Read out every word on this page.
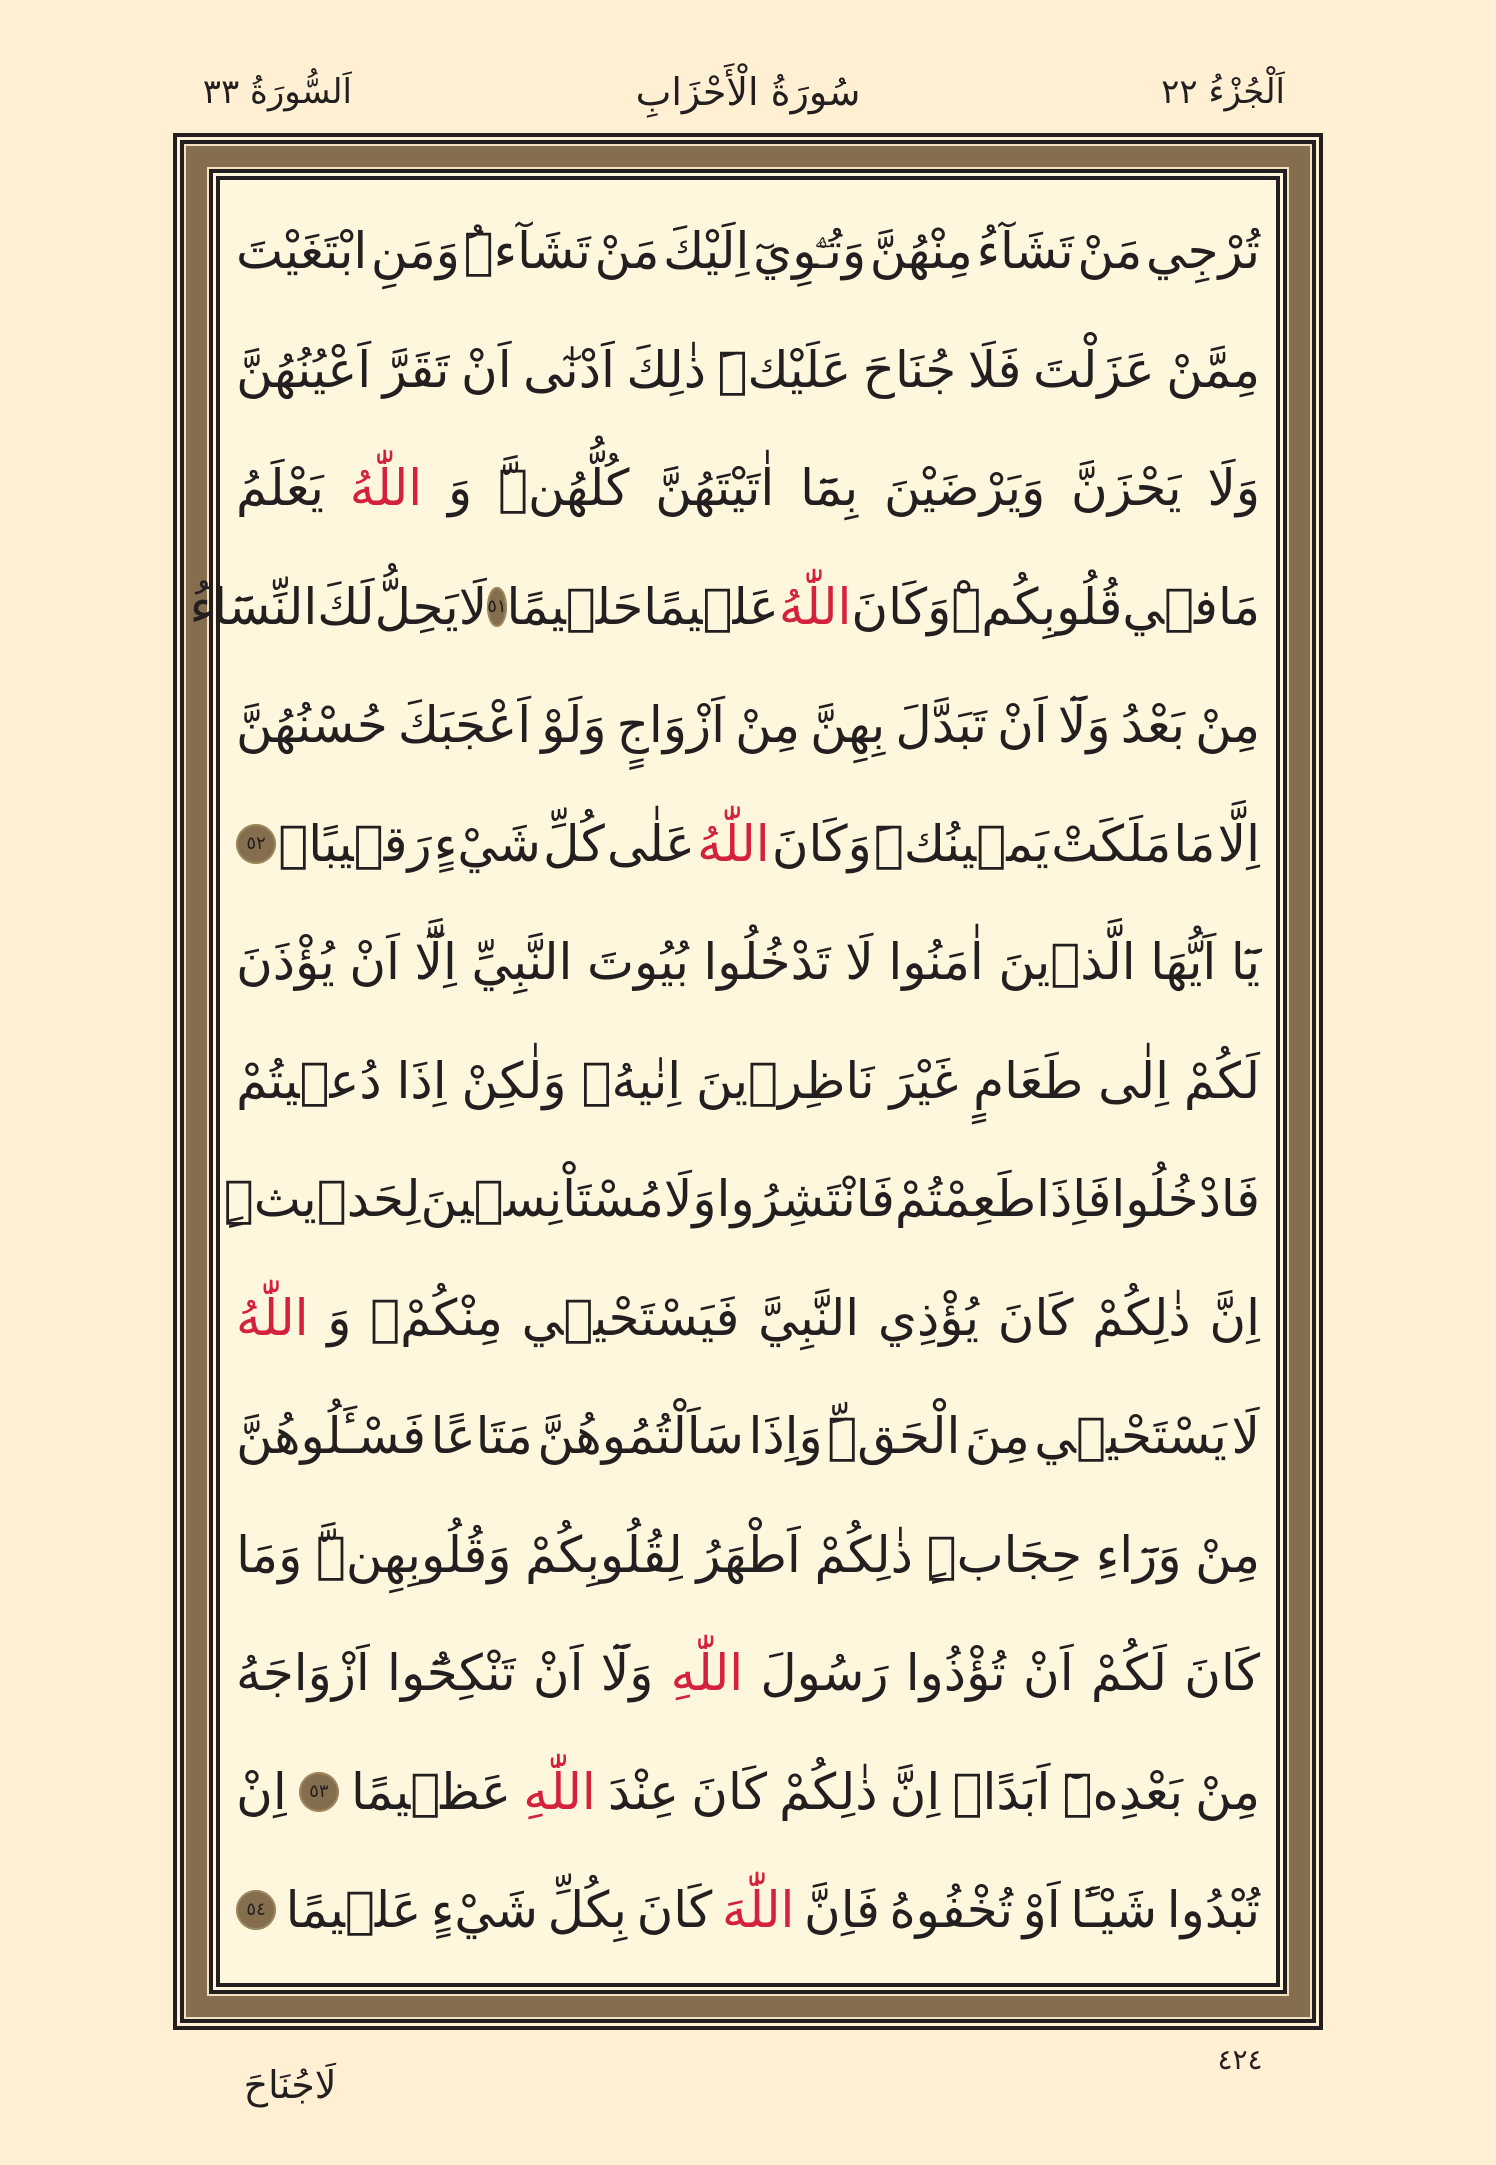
اَلْجُزْءُ ٢٢
سُورَةُ الْأَحْزَابِ
اَلسُّورَةُ ٣٣
تُرْجِي
مَنْ
تَشَآءُ
مِنْهُنَّ
وَتُـْۧوِيٓ
اِلَيْكَ
مَنْ
تَشَآءُۜ
وَمَنِ
ابْتَغَيْتَ
مِمَّنْ
عَزَلْتَ
فَلَا
جُنَاحَ
عَلَيْكَۜ
ذٰلِكَ
اَدْنٰٓى
اَنْ
تَقَرَّ
اَعْيُنُهُنَّ
وَلَا
يَحْزَنَّ
وَيَرْضَيْنَ
بِمَٓا
اٰتَيْتَهُنَّ
كُلُّهُنَّۜ
وَ
اللّٰهُ
يَعْلَمُ
مَا
فٖي
قُلُوبِكُمْۜ
وَكَانَ
اللّٰهُ
عَلٖيمًا
حَلٖيمًا
٥١
لَا
يَحِلُّ
لَكَ
النِّسَٓاءُ
مِنْ
بَعْدُ
وَلَٓا
اَنْ
تَبَدَّلَ
بِهِنَّ
مِنْ
اَزْوَاجٍ
وَلَوْ
اَعْجَبَكَ
حُسْنُهُنَّ
اِلَّا
مَا
مَلَكَتْ
يَمٖينُكَۜ
وَكَانَ
اللّٰهُ
عَلٰى
كُلِّ
شَيْءٍ
رَقٖيبًا۟
٥٢
يَٓا
اَيُّهَا
الَّذٖينَ
اٰمَنُوا
لَا
تَدْخُلُوا
بُيُوتَ
النَّبِيِّ
اِلَّٓا
اَنْ
يُؤْذَنَ
لَكُمْ
اِلٰى
طَعَامٍ
غَيْرَ
نَاظِرٖينَ
اِنٰيهُۙ
وَلٰكِنْ
اِذَا
دُعٖيتُمْ
فَادْخُلُوا
فَاِذَا
طَعِمْتُمْ
فَانْتَشِرُوا
وَلَا
مُسْتَاْنِسٖينَ
لِحَدٖيثٍۜ
اِنَّ
ذٰلِكُمْ
كَانَ
يُؤْذِي
النَّبِيَّ
فَيَسْتَحْيٖي
مِنْكُمْۘ
وَ
اللّٰهُ
لَا
يَسْتَحْيٖي
مِنَ
الْحَقِّۜ
وَاِذَا
سَاَلْتُمُوهُنَّ
مَتَاعًا
فَسْـَٔلُوهُنَّ
مِنْ
وَرَٓاءِ
حِجَابٍۜ
ذٰلِكُمْ
اَطْهَرُ
لِقُلُوبِكُمْ
وَقُلُوبِهِنَّۜ
وَمَا
كَانَ
لَكُمْ
اَنْ
تُؤْذُوا
رَسُولَ
اللّٰهِ
وَلَٓا
اَنْ
تَنْكِحُٓوا
اَزْوَاجَهُ
مِنْ
بَعْدِهٖٓ
اَبَدًاۜ
اِنَّ
ذٰلِكُمْ
كَانَ
عِنْدَ
اللّٰهِ
عَظٖيمًا
٥٣
اِنْ
تُبْدُوا
شَيْـًٔا
اَوْ
تُخْفُوهُ
فَاِنَّ
اللّٰهَ
كَانَ
بِكُلِّ
شَيْءٍ
عَلٖيمًا
٥٤
٤٢٤
لَاجُنَاحَ
